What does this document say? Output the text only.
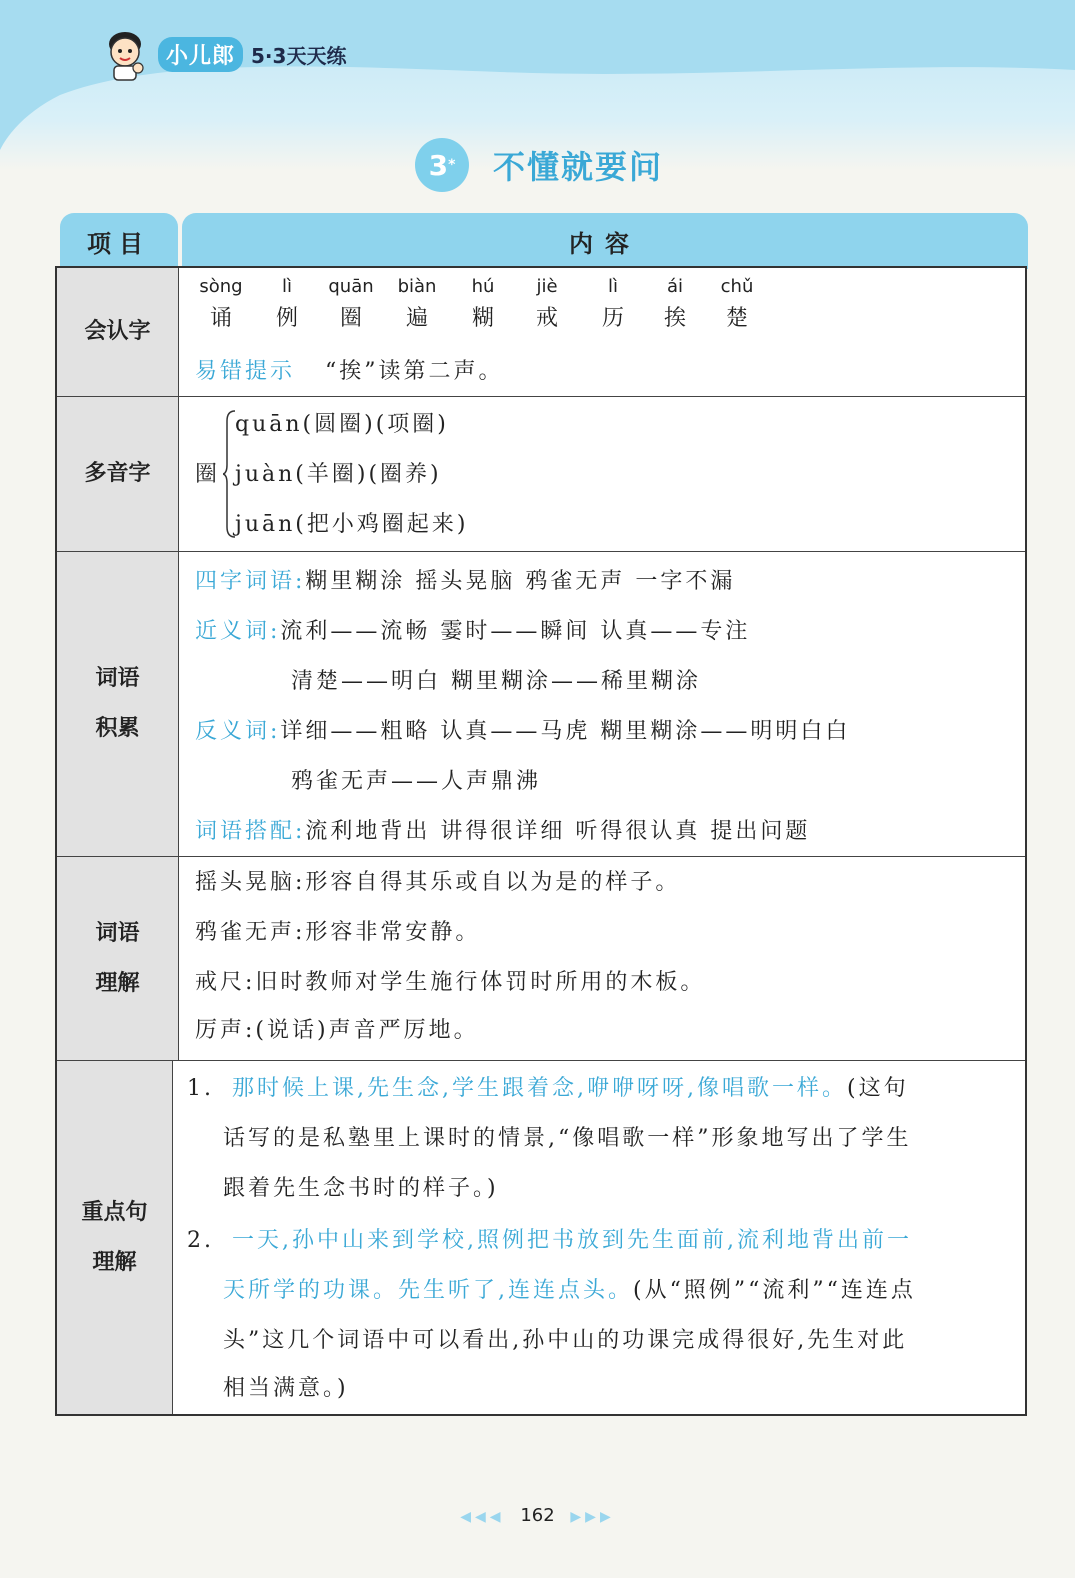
小儿郎 5·3天天练
3 * 不懂就要问
项目	内容
会认字
sòng
诵
lì
例
quān
圈
biàn
遍
hú
糊
jiè
戒
lì
历
ái
挨
chǔ
楚
易错提示 “挨”读第二声。
多音字 圈
quān(圆圈)(项圈)
juàn(羊圈)(圈养)
juān(把小鸡圈起来)
词语
积累
四字词语:糊里糊涂 摇头晃脑 鸦雀无声 一字不漏
近义词:流利——流畅 霎时——瞬间 认真——专注
清楚——明白 糊里糊涂——稀里糊涂
反义词:详细——粗略 认真——马虎 糊里糊涂——明明白白
鸦雀无声——人声鼎沸
词语搭配:流利地背出 讲得很详细 听得很认真 提出问题
词语
理解
摇头晃脑:形容自得其乐或自以为是的样子。
鸦雀无声:形容非常安静。
戒尺:旧时教师对学生施行体罚时所用的木板。
厉声:(说话)声音严厉地。
重点句
理解
1. 那时候上课,先生念,学生跟着念,咿咿呀呀,像唱歌一样。(这句
话写的是私塾里上课时的情景,“像唱歌一样”形象地写出了学生
跟着先生念书时的样子。)
2. 一天,孙中山来到学校,照例把书放到先生面前,流利地背出前一
天所学的功课。先生听了,连连点头。(从“照例”“流利”“连连点
头”这几个词语中可以看出,孙中山的功课完成得很好,先生对此
相当满意。)
◀◀◀ 162 ▶▶▶
